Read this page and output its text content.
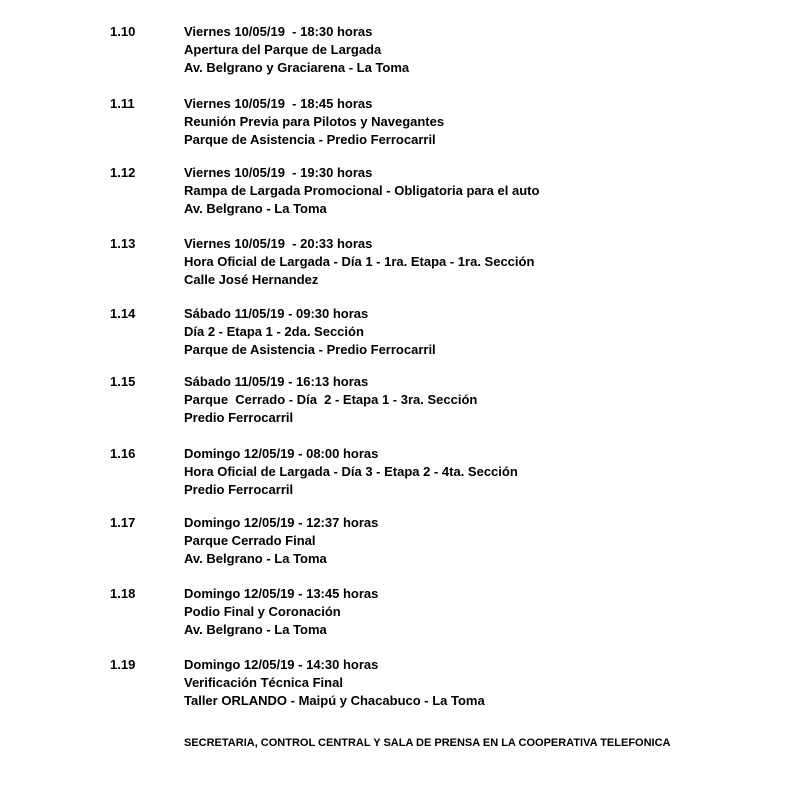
1.10	Viernes 10/05/19  - 18:30 horas
Apertura del Parque de Largada
Av. Belgrano y Graciarena - La Toma
1.11	Viernes 10/05/19  - 18:45 horas
Reunión Previa para Pilotos y Navegantes
Parque de Asistencia - Predio Ferrocarril
1.12	Viernes 10/05/19  - 19:30 horas
Rampa de Largada Promocional - Obligatoria para el auto
Av. Belgrano - La Toma
1.13	Viernes 10/05/19  - 20:33 horas
Hora Oficial de Largada - Día 1 - 1ra. Etapa - 1ra. Sección
Calle José Hernandez
1.14	Sábado 11/05/19 - 09:30 horas
Día 2 - Etapa 1 - 2da. Sección
Parque de Asistencia - Predio Ferrocarril
1.15	Sábado 11/05/19 - 16:13 horas
Parque  Cerrado - Día  2 - Etapa 1 - 3ra. Sección
Predio Ferrocarril
1.16	Domingo 12/05/19 - 08:00 horas
Hora Oficial de Largada - Día 3 - Etapa 2 - 4ta. Sección
Predio Ferrocarril
1.17	Domingo 12/05/19 - 12:37 horas
Parque Cerrado Final
Av. Belgrano - La Toma
1.18	Domingo 12/05/19 - 13:45 horas
Podio Final y Coronación
Av. Belgrano - La Toma
1.19	Domingo 12/05/19 - 14:30 horas
Verificación Técnica Final
Taller ORLANDO - Maipú y Chacabuco - La Toma
SECRETARIA, CONTROL CENTRAL Y SALA DE PRENSA EN LA COOPERATIVA TELEFONICA
